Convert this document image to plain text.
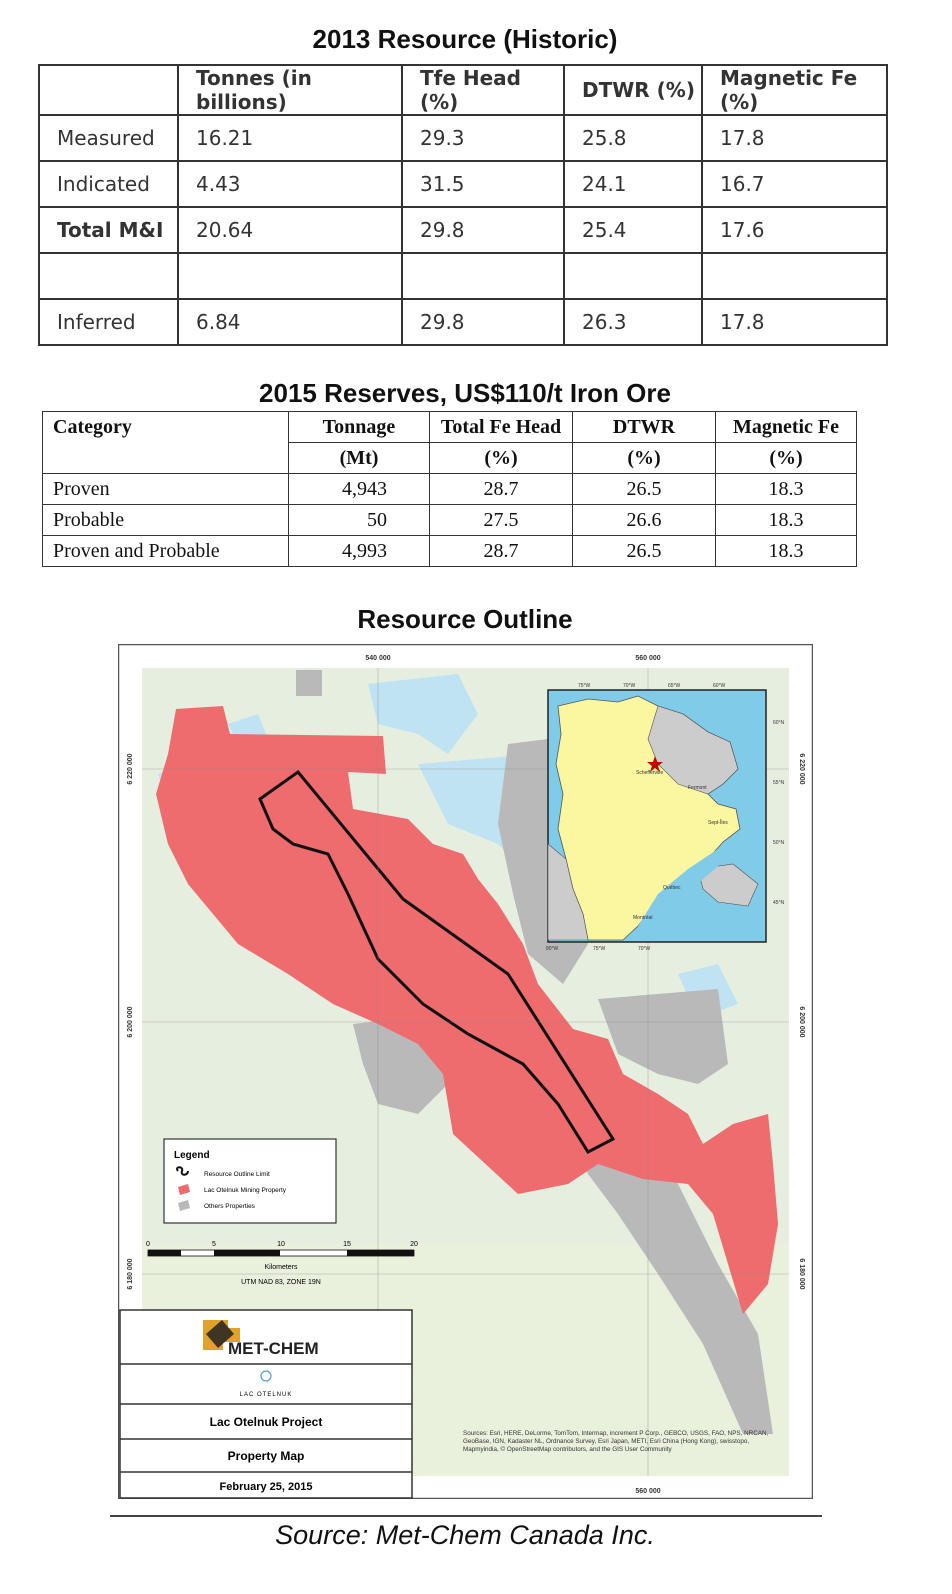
2013 Resource (Historic)
	Tonnes (in billions)	Tfe Head (%)	DTWR (%)	Magnetic Fe (%)
Measured	16.21	29.3	25.8	17.8
Indicated	4.43	31.5	24.1	16.7
Total M&I	20.64	29.8	25.4	17.6

Inferred	6.84	29.8	26.3	17.8
2015 Reserves, US$110/t Iron Ore
Category	Tonnage	Total Fe Head	DTWR	Magnetic Fe
	(Mt)	(%)	(%)	(%)
Proven	4,943	28.7	26.5	18.3
Probable	50	27.5	26.6	18.3
Proven and Probable	4,993	28.7	26.5	18.3
Resource Outline
540 000	560 000
560 000
6 220 000
6 200 000
6 180 000
6 220 000
6 200 000
6 180 000
Schefferville
Fermont
Sept-Îles
Québec
Montréal
75°W	70°W	65°W	60°W
80°W	75°W	70°W
60°N
55°N
50°N
45°N
Legend
Resource Outline Limit
Lac Otelnuk Mining Property
Others Properties
0	5	10	15	20
Kilometers
UTM NAD 83, ZONE 19N
MET-CHEM
LAC OTELNUK
Lac Otelnuk Project
Property Map
February 25, 2015
Sources: Esri, HERE, DeLorme, TomTom, Intermap, increment P Corp., GEBCO, USGS, FAO, NPS, NRCAN, GeoBase, IGN, Kadaster NL, Ordnance Survey, Esri Japan, METI, Esri China (Hong Kong), swisstopo, Mapmyindia, © OpenStreetMap contributors, and the GIS User Community
Source: Met-Chem Canada Inc.
